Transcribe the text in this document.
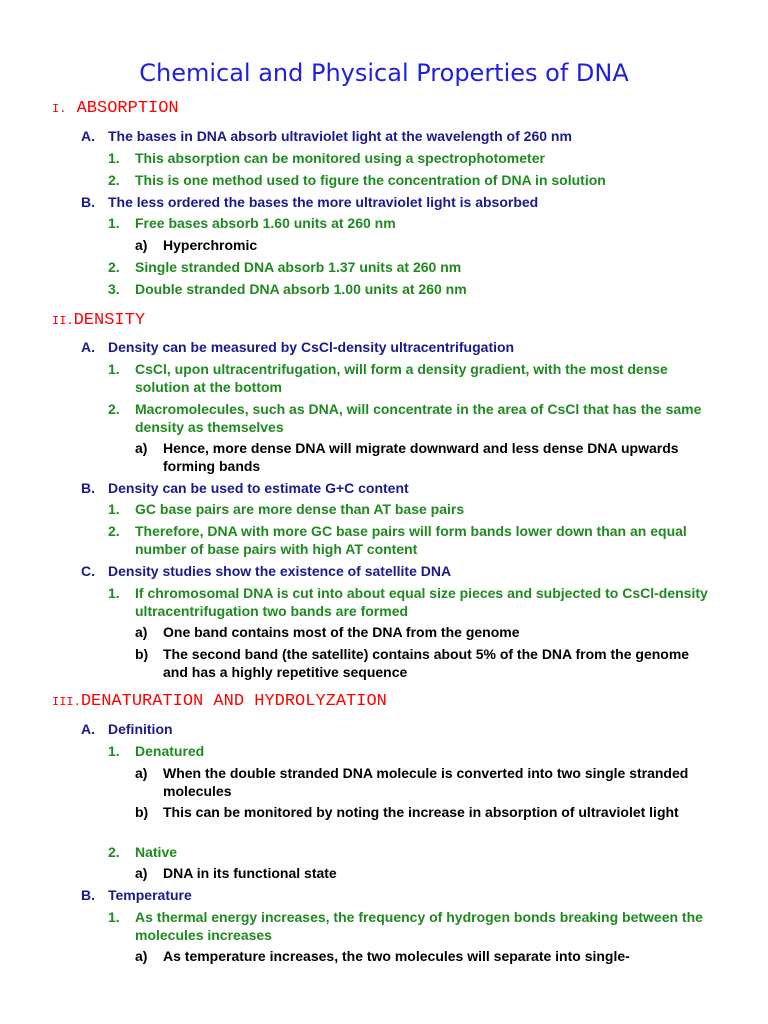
Chemical and Physical Properties of DNA
I. ABSORPTION
II.DENSITY
III.DENATURATION AND HYDROLYZATION
A. The bases in DNA absorb ultraviolet light at the wavelength of 260 nm
1. This absorption can be monitored using a spectrophotometer
2. This is one method used to figure the concentration of DNA in solution
B. The less ordered the bases the more ultraviolet light is absorbed
1. Free bases absorb 1.60 units at 260 nm
a) Hyperchromic
2. Single stranded DNA absorb 1.37 units at 260 nm
3. Double stranded DNA absorb 1.00 units at 260 nm
A. Density can be measured by CsCl-density ultracentrifugation
1. CsCl, upon ultracentrifugation, will form a density gradient, with the most dense solution at the bottom
2. Macromolecules, such as DNA, will concentrate in the area of CsCl that has the same density as themselves
a) Hence, more dense DNA will migrate downward and less dense DNA upwards forming bands
B. Density can be used to estimate G+C content
1. GC base pairs are more dense than AT base pairs
2. Therefore, DNA with more GC base pairs will form bands lower down than an equal number of base pairs with high AT content
C. Density studies show the existence of satellite DNA
1. If chromosomal DNA is cut into about equal size pieces and subjected to CsCl-density ultracentrifugation two bands are formed
a) One band contains most of the DNA from the genome
b) The second band (the satellite) contains about 5% of the DNA from the genome and has a highly repetitive sequence
A. Definition
1. Denatured
a) When the double stranded DNA molecule is converted into two single stranded molecules
b) This can be monitored by noting the increase in absorption of ultraviolet light
2. Native
a) DNA in its functional state
B. Temperature
1. As thermal energy increases, the frequency of hydrogen bonds breaking between the molecules increases
a) As temperature increases, the two molecules will separate into single-
